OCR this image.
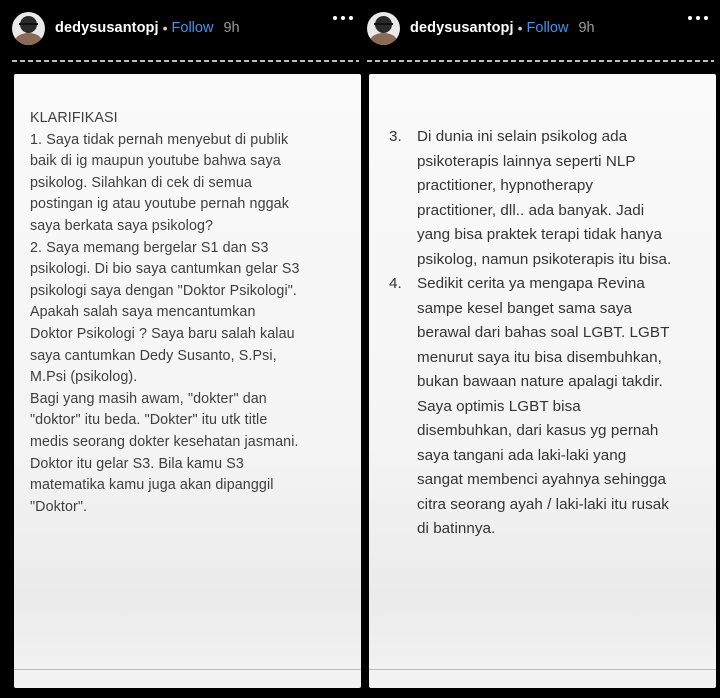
dedysusantopj • Follow 9h
KLARIFIKASI
1. Saya tidak pernah menyebut di publik
baik di ig maupun youtube bahwa saya
psikolog. Silahkan di cek di semua
postingan ig atau youtube pernah nggak
saya berkata saya psikolog?
2. Saya memang bergelar S1 dan S3
psikologi. Di bio saya cantumkan gelar S3
psikologi saya dengan "Doktor Psikologi".
Apakah salah saya mencantumkan
Doktor Psikologi ? Saya baru salah kalau
saya cantumkan Dedy Susanto, S.Psi,
M.Psi (psikolog).
Bagi yang masih awam, "dokter" dan
"doktor" itu beda. "Dokter" itu utk title
medis seorang dokter kesehatan jasmani.
Doktor itu gelar S3. Bila kamu S3
matematika kamu juga akan dipanggil
"Doktor".
dedysusantopj • Follow 9h
3.	Di dunia ini selain psikolog ada
psikoterapis lainnya seperti NLP
practitioner, hypnotherapy
practitioner, dll.. ada banyak. Jadi
yang bisa praktek terapi tidak hanya
psikolog, namun psikoterapis itu bisa.
4.	Sedikit cerita ya mengapa Revina
sampe kesel banget sama saya
berawal dari bahas soal LGBT. LGBT
menurut saya itu bisa disembuhkan,
bukan bawaan nature apalagi takdir.
Saya optimis LGBT bisa
disembuhkan, dari kasus yg pernah
saya tangani ada laki-laki yang
sangat membenci ayahnya sehingga
citra seorang ayah / laki-laki itu rusak
di batinnya.
